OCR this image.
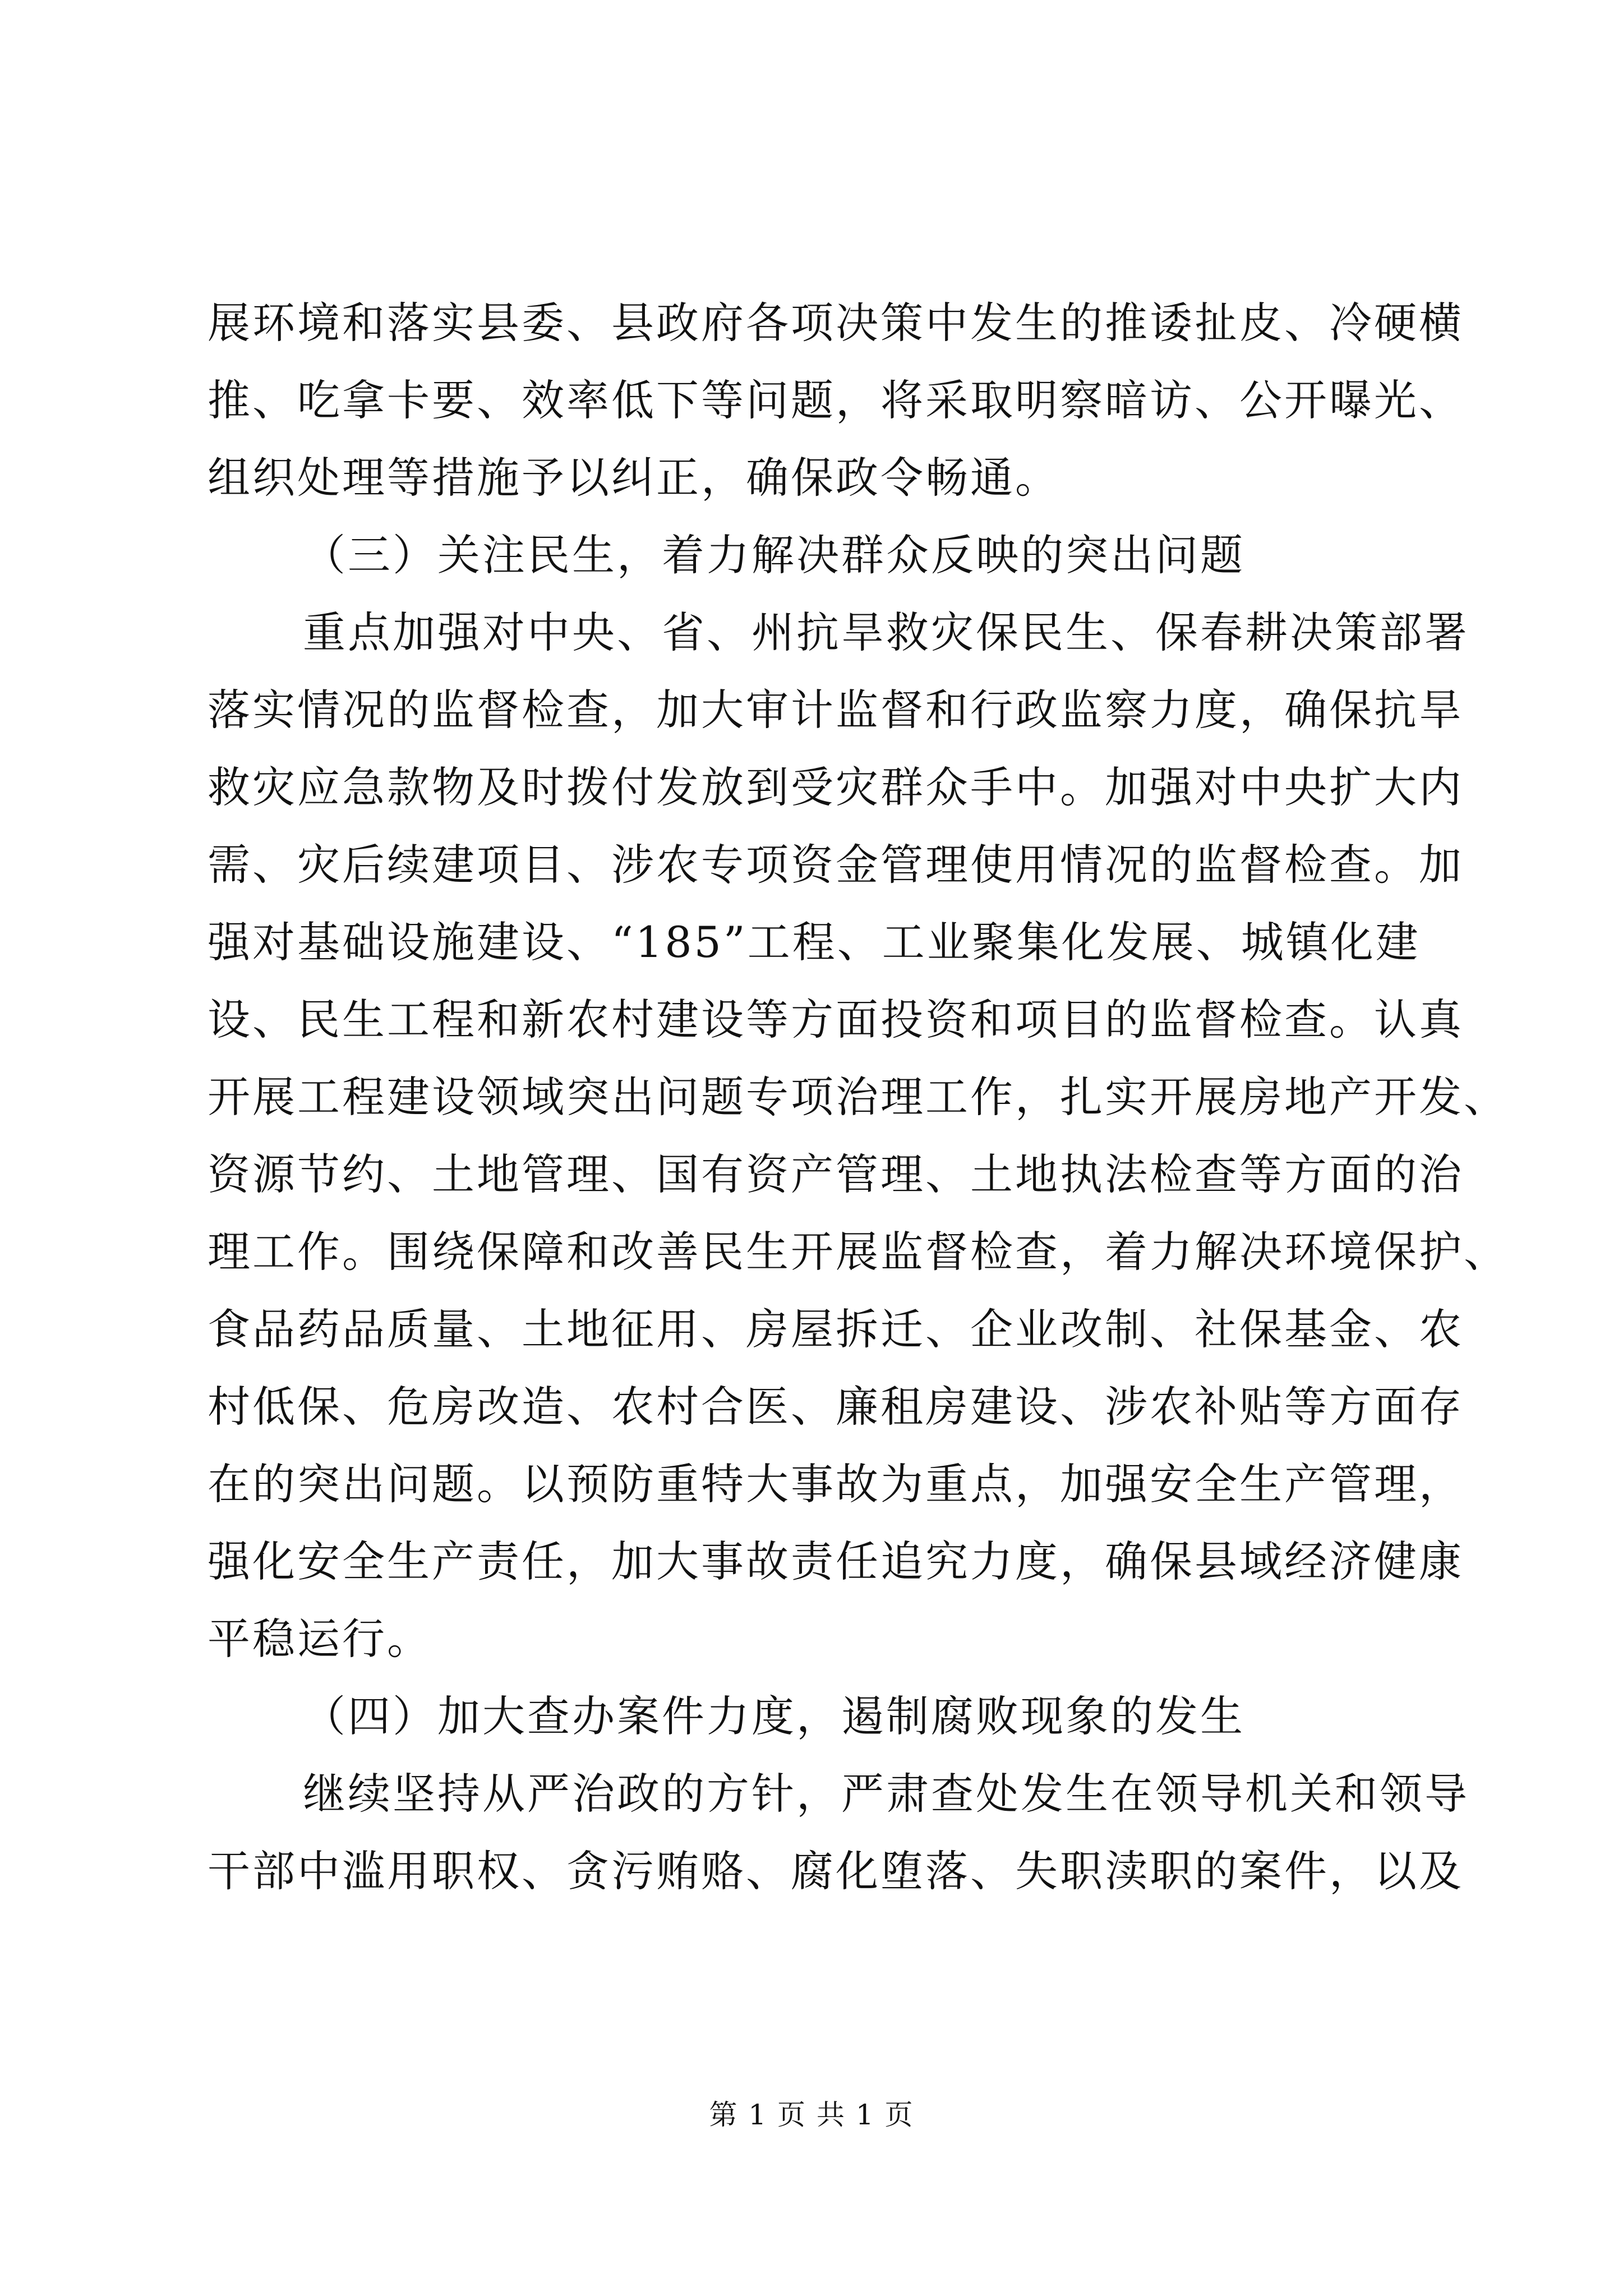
展环境和落实县委、县政府各项决策中发生的推诿扯皮、冷硬横
推、吃拿卡要、效率低下等问题，将采取明察暗访、公开曝光、
组织处理等措施予以纠正，确保政令畅通。
（三）关注民生，着力解决群众反映的突出问题
重点加强对中央、省、州抗旱救灾保民生、保春耕决策部署
落实情况的监督检查，加大审计监督和行政监察力度，确保抗旱
救灾应急款物及时拨付发放到受灾群众手中。加强对中央扩大内
需、灾后续建项目、涉农专项资金管理使用情况的监督检查。加
强对基础设施建设、“185”工程、工业聚集化发展、城镇化建
设、民生工程和新农村建设等方面投资和项目的监督检查。认真
开展工程建设领域突出问题专项治理工作，扎实开展房地产开发、
资源节约、土地管理、国有资产管理、土地执法检查等方面的治
理工作。围绕保障和改善民生开展监督检查，着力解决环境保护、
食品药品质量、土地征用、房屋拆迁、企业改制、社保基金、农
村低保、危房改造、农村合医、廉租房建设、涉农补贴等方面存
在的突出问题。以预防重特大事故为重点，加强安全生产管理，
强化安全生产责任，加大事故责任追究力度，确保县域经济健康
平稳运行。
（四）加大查办案件力度，遏制腐败现象的发生
继续坚持从严治政的方针，严肃查处发生在领导机关和领导
干部中滥用职权、贪污贿赂、腐化堕落、失职渎职的案件，以及
第 1 页 共 1 页
